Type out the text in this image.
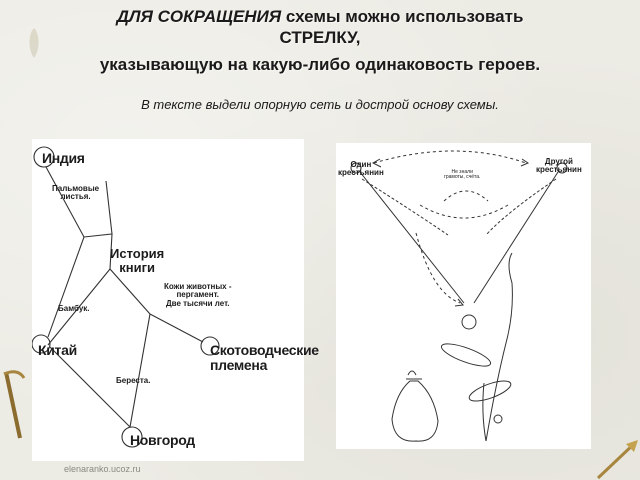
ДЛЯ СОКРАЩЕНИЯ схемы можно использовать
СТРЕЛКУ,
указывающую на какую-либо одинаковость героев.
В тексте выдели опорную сеть и дострой основу схемы.
Индия
Пальмовые
листья.
История
книги
Кожи животных -
пергамент.
Две тысячи лет.
Бамбук.
Китай	Скотоводческие
племена
Береста.
Новгород
Один
крестьянин
Другой
крестьянин
Не знали
грамоты, счёта.
elenaranko.ucoz.ru
